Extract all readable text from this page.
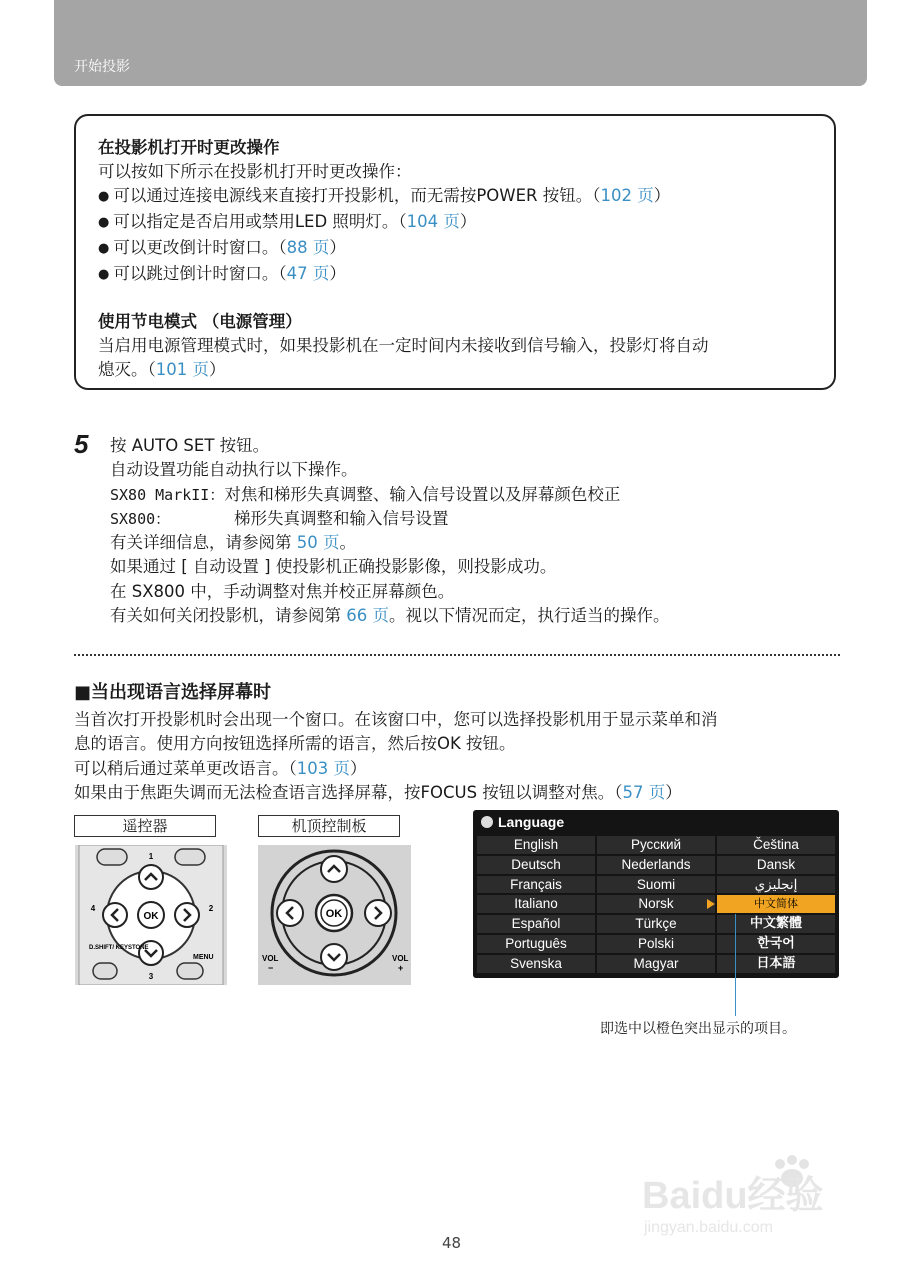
开始投影
在投影机打开时更改操作
可以按如下所示在投影机打开时更改操作：
● 可以通过连接电源线来直接打开投影机，而无需按POWER 按钮。（102 页）
● 可以指定是否启用或禁用LED 照明灯。（104 页）
● 可以更改倒计时窗口。（88 页）
● 可以跳过倒计时窗口。（47 页）
使用节电模式 （电源管理）
当启用电源管理模式时，如果投影机在一定时间内未接收到信号输入，投影灯将自动
熄灭。（101 页）
5 按 AUTO SET 按钮。
自动设置功能自动执行以下操作。
SX80 MarkII：对焦和梯形失真调整、输入信号设置以及屏幕颜色校正
SX800：	梯形失真调整和输入信号设置
有关详细信息，请参阅第 50 页。
如果通过 [ 自动设置 ] 使投影机正确投影影像，则投影成功。
在 SX800 中，手动调整对焦并校正屏幕颜色。
有关如何关闭投影机，请参阅第 66 页。视以下情况而定，执行适当的操作。
■当出现语言选择屏幕时
当首次打开投影机时会出现一个窗口。在该窗口中，您可以选择投影机用于显示菜单和消
息的语言。使用方向按钮选择所需的语言，然后按OK 按钮。
可以稍后通过菜单更改语言。（103 页）
如果由于焦距失调而无法检查语言选择屏幕，按FOCUS 按钮以调整对焦。（57 页）
遥控器	机顶控制板
OK
1
2
3
4
D.SHIFT/ KEYSTONE
MENU
OK
VOL	VOL
−	+
Language
English	Русский	Čeština
Deutsch	Nederlands	Dansk
Français	Suomi	إنجليزي
Italiano	Norsk	中文简体
Español	Türkçe	中文繁體
Português	Polski	한국어
Svenska	Magyar	日本語
即选中以橙色突出显示的项目。
Baidu经验
jingyan.baidu.com
48
